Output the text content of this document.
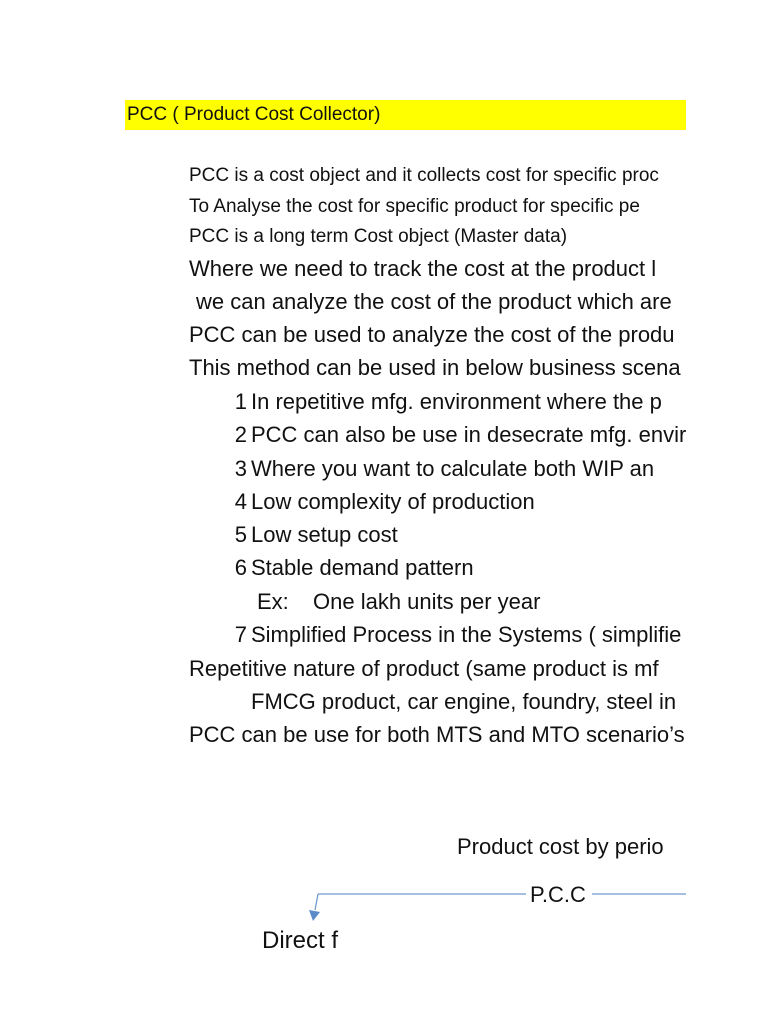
PCC ( Product Cost Collector)
PCC is a cost object and it collects cost for specific proc
To Analyse the cost for specific product for specific pe
PCC is a long term Cost object (Master data)
Where we need to track the cost at the product l
we can analyze the cost of the product which are
PCC can be used to analyze the cost of the produ
This method can be used in below business scena
1 In repetitive mfg. environment where the p
2 PCC can also be use in desecrate mfg. envir
3 Where you want to calculate both WIP an
4 Low complexity of production
5 Low setup cost
6 Stable demand pattern
Ex: One lakh units per year
7 Simplified Process in the Systems ( simplifie
Repetitive nature of product (same product is mf
FMCG product, car engine, foundry, steel in
PCC can be use for both MTS and MTO scenario’s
Product cost by perio
P.C.C
Direct f
